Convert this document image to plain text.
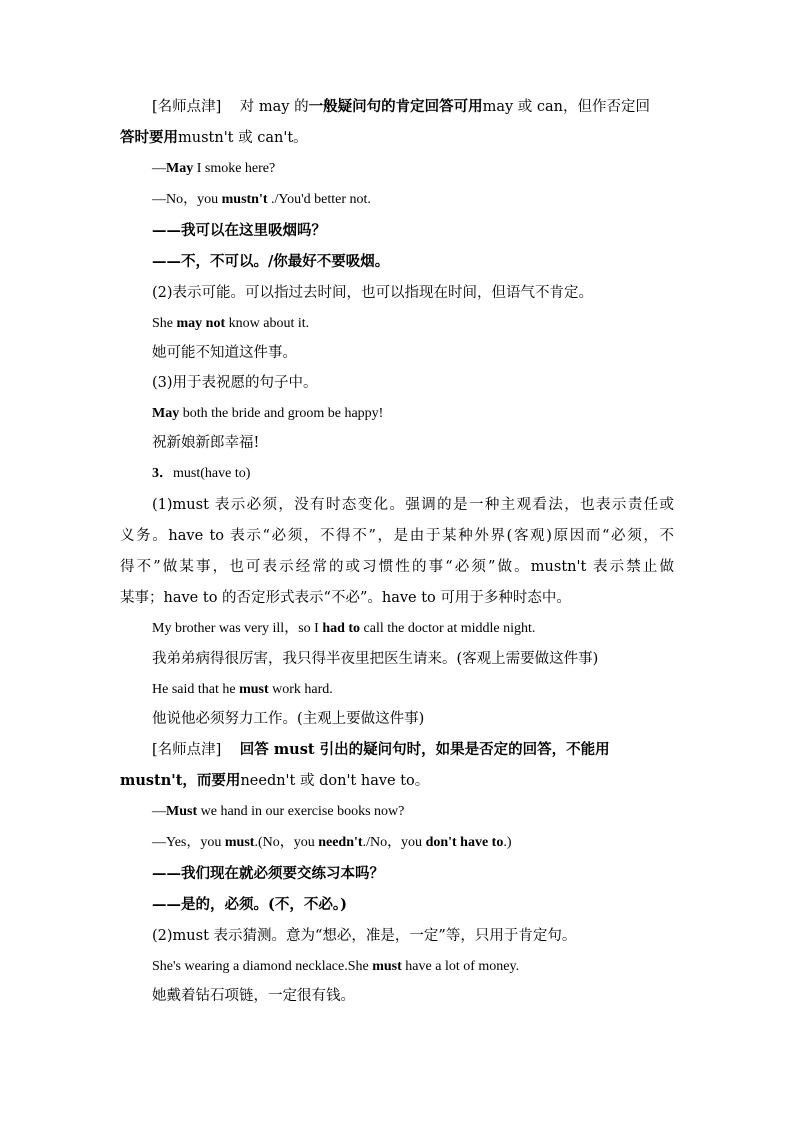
[名师点津] 对 may 的一般疑问句的肯定回答可用may 或 can，但作否定回
答时要用mustn't 或 can't。
—May I smoke here?
—No，you mustn't ./You'd better not.
——我可以在这里吸烟吗？
——不，不可以。/你最好不要吸烟。
(2)表示可能。可以指过去时间，也可以指现在时间，但语气不肯定。
She may not know about it.
她可能不知道这件事。
(3)用于表祝愿的句子中。
May both the bride and groom be happy!
祝新娘新郎幸福!
3．must(have to)
(1)must 表示必须，没有时态变化。强调的是一种主观看法，也表示责任或
义务。have to 表示“必须，不得不”，是由于某种外界(客观)原因而“必须，不
得不”做某事，也可表示经常的或习惯性的事“必须”做。mustn't 表示禁止做
某事；have to 的否定形式表示“不必”。have to 可用于多种时态中。
My brother was very ill，so I had to call the doctor at middle night.
我弟弟病得很厉害，我只得半夜里把医生请来。(客观上需要做这件事)
He said that he must work hard.
他说他必须努力工作。(主观上要做这件事)
[名师点津] 回答 must 引出的疑问句时，如果是否定的回答，不能用
mustn't，而要用needn't 或 don't have to。
—Must we hand in our exercise books now?
—Yes，you must.(No，you needn't./No，you don't have to.)
——我们现在就必须要交练习本吗？
——是的，必须。(不，不必。)
(2)must 表示猜测。意为“想必，准是，一定”等，只用于肯定句。
She's wearing a diamond necklace.She must have a lot of money.
她戴着钻石项链，一定很有钱。
